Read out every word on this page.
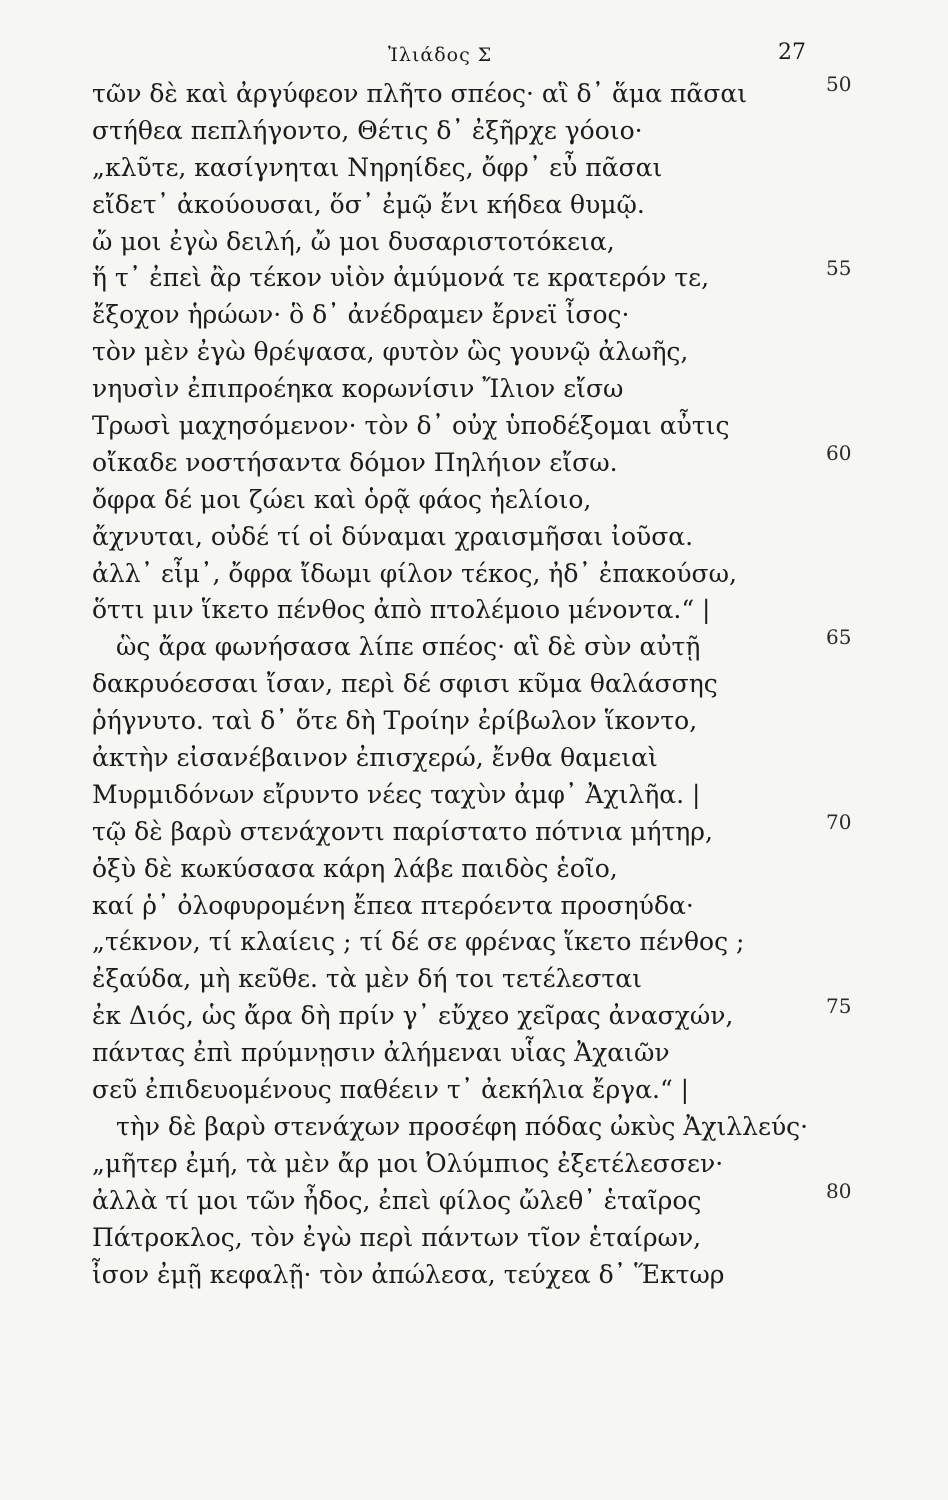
Ἰλιάδος Σ	27
τῶν δὲ καὶ ἀργύφεον πλῆτο σπέος· αἳ δ᾽ ἅμα πᾶσαι	50
στήθεα πεπλήγοντο, Θέτις δ᾽ ἐξῆρχε γόοιο·
„κλῦτε, κασίγνηται Νηρηίδες, ὄφρ᾽ εὖ πᾶσαι
εἴδετ᾽ ἀκούουσαι, ὅσ᾽ ἐμῷ ἔνι κήδεα θυμῷ.
ὤ μοι ἐγὼ δειλή, ὤ μοι δυσαριστοτόκεια,
ἥ τ᾽ ἐπεὶ ἂρ τέκον υἱὸν ἀμύμονά τε κρατερόν τε,	55
ἔξοχον ἡρώων· ὃ δ᾽ ἀνέδραμεν ἔρνεϊ ἶσος·
τὸν μὲν ἐγὼ θρέψασα, φυτὸν ὣς γουνῷ ἀλωῆς,
νηυσὶν ἐπιπροέηκα κορωνίσιν Ἴλιον εἴσω
Τρωσὶ μαχησόμενον· τὸν δ᾽ οὐχ ὑποδέξομαι αὖτις
οἴκαδε νοστήσαντα δόμον Πηλήιον εἴσω.	60
ὄφρα δέ μοι ζώει καὶ ὁρᾷ φάος ἠελίοιο,
ἄχνυται, οὐδέ τί οἱ δύναμαι χραισμῆσαι ἰοῦσα.
ἀλλ᾽ εἶμ᾽, ὄφρα ἴδωμι φίλον τέκος, ἠδ᾽ ἐπακούσω,
ὅττι μιν ἵκετο πένθος ἀπὸ πτολέμοιο μένοντα.“ |
ὣς ἄρα φωνήσασα λίπε σπέος· αἳ δὲ σὺν αὐτῇ	65
δακρυόεσσαι ἴσαν, περὶ δέ σφισι κῦμα θαλάσσης
ῥήγνυτο. ταὶ δ᾽ ὅτε δὴ Τροίην ἐρίβωλον ἵκοντο,
ἀκτὴν εἰσανέβαινον ἐπισχερώ, ἔνθα θαμειαὶ
Μυρμιδόνων εἴρυντο νέες ταχὺν ἀμφ᾽ Ἀχιλῆα. |
τῷ δὲ βαρὺ στενάχοντι παρίστατο πότνια μήτηρ,	70
ὀξὺ δὲ κωκύσασα κάρη λάβε παιδὸς ἑοῖο,
καί ῥ᾽ ὀλοφυρομένη ἔπεα πτερόεντα προσηύδα·
„τέκνον, τί κλαίεις ; τί δέ σε φρένας ἵκετο πένθος ;
ἐξαύδα, μὴ κεῦθε. τὰ μὲν δή τοι τετέλεσται
ἐκ Διός, ὡς ἄρα δὴ πρίν γ᾽ εὔχεο χεῖρας ἀνασχών,	75
πάντας ἐπὶ πρύμνῃσιν ἀλήμεναι υἷας Ἀχαιῶν
σεῦ ἐπιδευομένους παθέειν τ᾽ ἀεκήλια ἔργα.“ |
τὴν δὲ βαρὺ στενάχων προσέφη πόδας ὠκὺς Ἀχιλλεύς·
„μῆτερ ἐμή, τὰ μὲν ἄρ μοι Ὀλύμπιος ἐξετέλεσσεν·
ἀλλὰ τί μοι τῶν ἦδος, ἐπεὶ φίλος ὤλεθ᾽ ἑταῖρος	80
Πάτροκλος, τὸν ἐγὼ περὶ πάντων τῖον ἑταίρων,
ἶσον ἐμῇ κεφαλῇ· τὸν ἀπώλεσα, τεύχεα δ᾽ Ἕκτωρ
